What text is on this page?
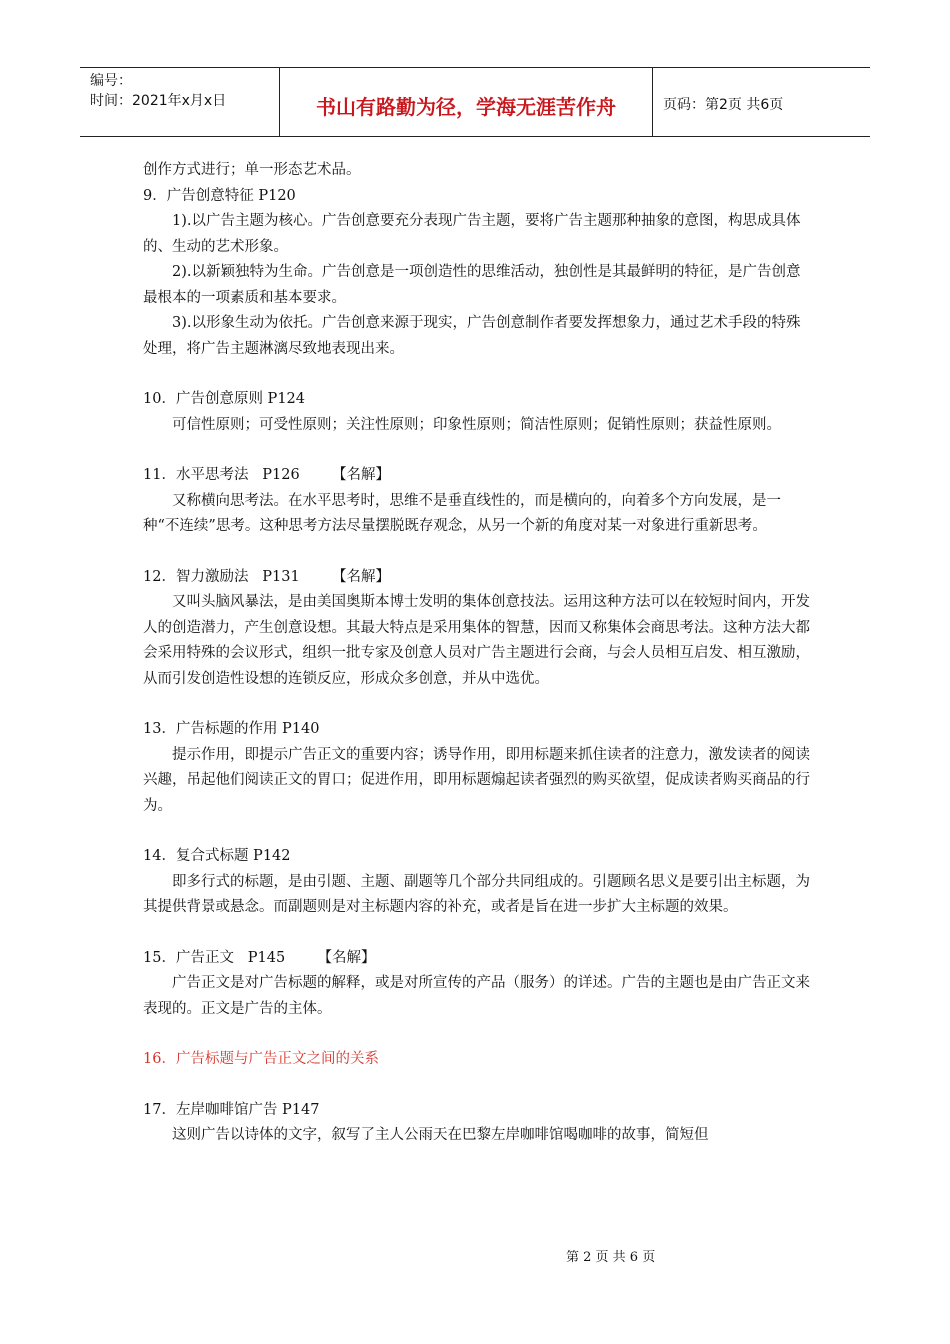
编号：
时间：2021年x月x日	书山有路勤为径，学海无涯苦作舟	页码：第2页 共6页

创作方式进行；单一形态艺术品。

9．广告创意特征 P120

1).以广告主题为核心。广告创意要充分表现广告主题，要将广告主题那种抽象的意图，构思成具体的、生动的艺术形象。

2).以新颖独特为生命。广告创意是一项创造性的思维活动，独创性是其最鲜明的特征，是广告创意最根本的一项素质和基本要求。

3).以形象生动为依托。广告创意来源于现实，广告创意制作者要发挥想象力，通过艺术手段的特殊处理，将广告主题淋漓尽致地表现出来。

10．广告创意原则 P124

可信性原则；可受性原则；关注性原则；印象性原则；简洁性原则；促销性原则；获益性原则。

11．水平思考法   P126       【名解】

又称横向思考法。在水平思考时，思维不是垂直线性的，而是横向的，向着多个方向发展，是一种“不连续”思考。这种思考方法尽量摆脱既存观念，从另一个新的角度对某一对象进行重新思考。

12．智力激励法   P131       【名解】

又叫头脑风暴法，是由美国奥斯本博士发明的集体创意技法。运用这种方法可以在较短时间内，开发人的创造潜力，产生创意设想。其最大特点是采用集体的智慧，因而又称集体会商思考法。这种方法大都会采用特殊的会议形式，组织一批专家及创意人员对广告主题进行会商，与会人员相互启发、相互激励，从而引发创造性设想的连锁反应，形成众多创意，并从中选优。

13．广告标题的作用 P140

提示作用，即提示广告正文的重要内容；诱导作用，即用标题来抓住读者的注意力，激发读者的阅读兴趣，吊起他们阅读正文的胃口；促进作用，即用标题煽起读者强烈的购买欲望，促成读者购买商品的行为。

14．复合式标题 P142

即多行式的标题，是由引题、主题、副题等几个部分共同组成的。引题顾名思义是要引出主标题，为其提供背景或悬念。而副题则是对主标题内容的补充，或者是旨在进一步扩大主标题的效果。

15．广告正文   P145       【名解】

广告正文是对广告标题的解释，或是对所宣传的产品（服务）的详述。广告的主题也是由广告正文来表现的。正文是广告的主体。

16．广告标题与广告正文之间的关系

17．左岸咖啡馆广告 P147

这则广告以诗体的文字，叙写了主人公雨天在巴黎左岸咖啡馆喝咖啡的故事，简短但

第 2 页 共 6 页
